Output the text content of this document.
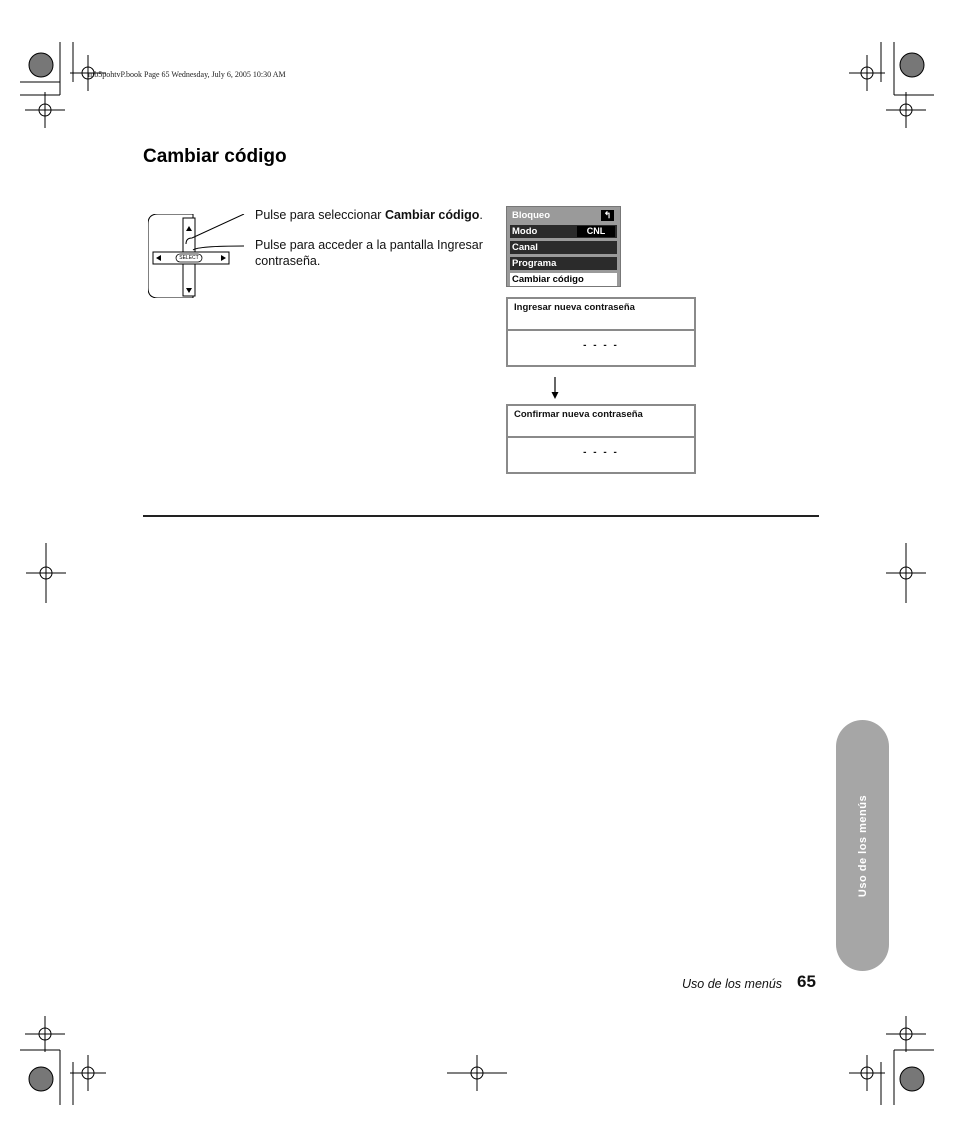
mb5pohtvP.book Page 65 Wednesday, July 6, 2005 10:30 AM
Cambiar código
SELECT
Pulse para seleccionar Cambiar código.
Pulse para acceder a la pantalla Ingresar contraseña.
Bloqueo	↰
Modo	CNL
Canal
Programa
Cambiar código
Ingresar nueva contraseña
- - - -
Confirmar nueva contraseña
- - - -
Uso de los menús
Uso de los menús 65
